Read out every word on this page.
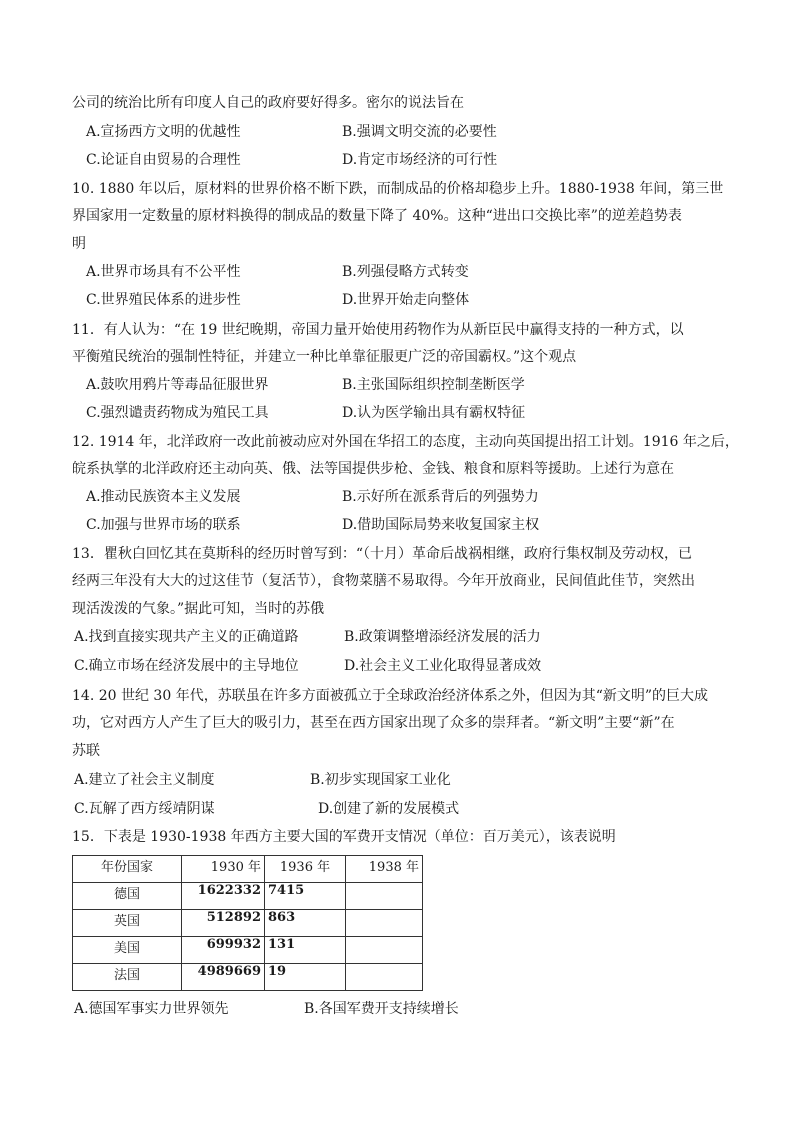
公司的统治比所有印度人自己的政府要好得多。密尔的说法旨在
A.宣扬西方文明的优越性	B.强调文明交流的必要性
C.论证自由贸易的合理性	D.肯定市场经济的可行性
10. 1880 年以后，原材料的世界价格不断下跌，而制成品的价格却稳步上升。1880-1938 年间，第三世
界国家用一定数量的原材料换得的制成品的数量下降了 40%。这种“进出口交换比率”的逆差趋势表
明
A.世界市场具有不公平性	B.列强侵略方式转变
C.世界殖民体系的进步性	D.世界开始走向整体
11．有人认为：“在 19 世纪晚期，帝国力量开始使用药物作为从新臣民中赢得支持的一种方式，以
平衡殖民统治的强制性特征，并建立一种比单靠征服更广泛的帝国霸权。”这个观点
A.鼓吹用鸦片等毒品征服世界	B.主张国际组织控制垄断医学
C.强烈谴责药物成为殖民工具	D.认为医学输出具有霸权特征
12. 1914 年，北洋政府一改此前被动应对外国在华招工的态度，主动向英国提出招工计划。1916 年之后，
皖系执掌的北洋政府还主动向英、俄、法等国提供步枪、金钱、粮食和原料等援助。上述行为意在
A.推动民族资本主义发展	B.示好所在派系背后的列强势力
C.加强与世界市场的联系	D.借助国际局势来收复国家主权
13．瞿秋白回忆其在莫斯科的经历时曾写到：“（十月）革命后战祸相继，政府行集权制及劳动权，已
经两三年没有大大的过这佳节（复活节），食物菜膳不易取得。今年开放商业，民间值此佳节，突然出
现活泼泼的气象。”据此可知，当时的苏俄
A.找到直接实现共产主义的正确道路	B.政策调整增添经济发展的活力
C.确立市场在经济发展中的主导地位	D.社会主义工业化取得显著成效
14. 20 世纪 30 年代，苏联虽在许多方面被孤立于全球政治经济体系之外，但因为其“新文明”的巨大成
功，它对西方人产生了巨大的吸引力，甚至在西方国家出现了众多的崇拜者。“新文明”主要“新”在
苏联
A.建立了社会主义制度	B.初步实现国家工业化
C.瓦解了西方绥靖阴谋	D.创建了新的发展模式
15．下表是 1930-1938 年西方主要大国的军费开支情况（单位：百万美元），该表说明
年份国家	1930 年	1936 年	1938 年
德国	1622332	7415	
英国	512892	863	
美国	699932	131	
法国	4989669	19	
A.德国军事实力世界领先	B.各国军费开支持续增长
